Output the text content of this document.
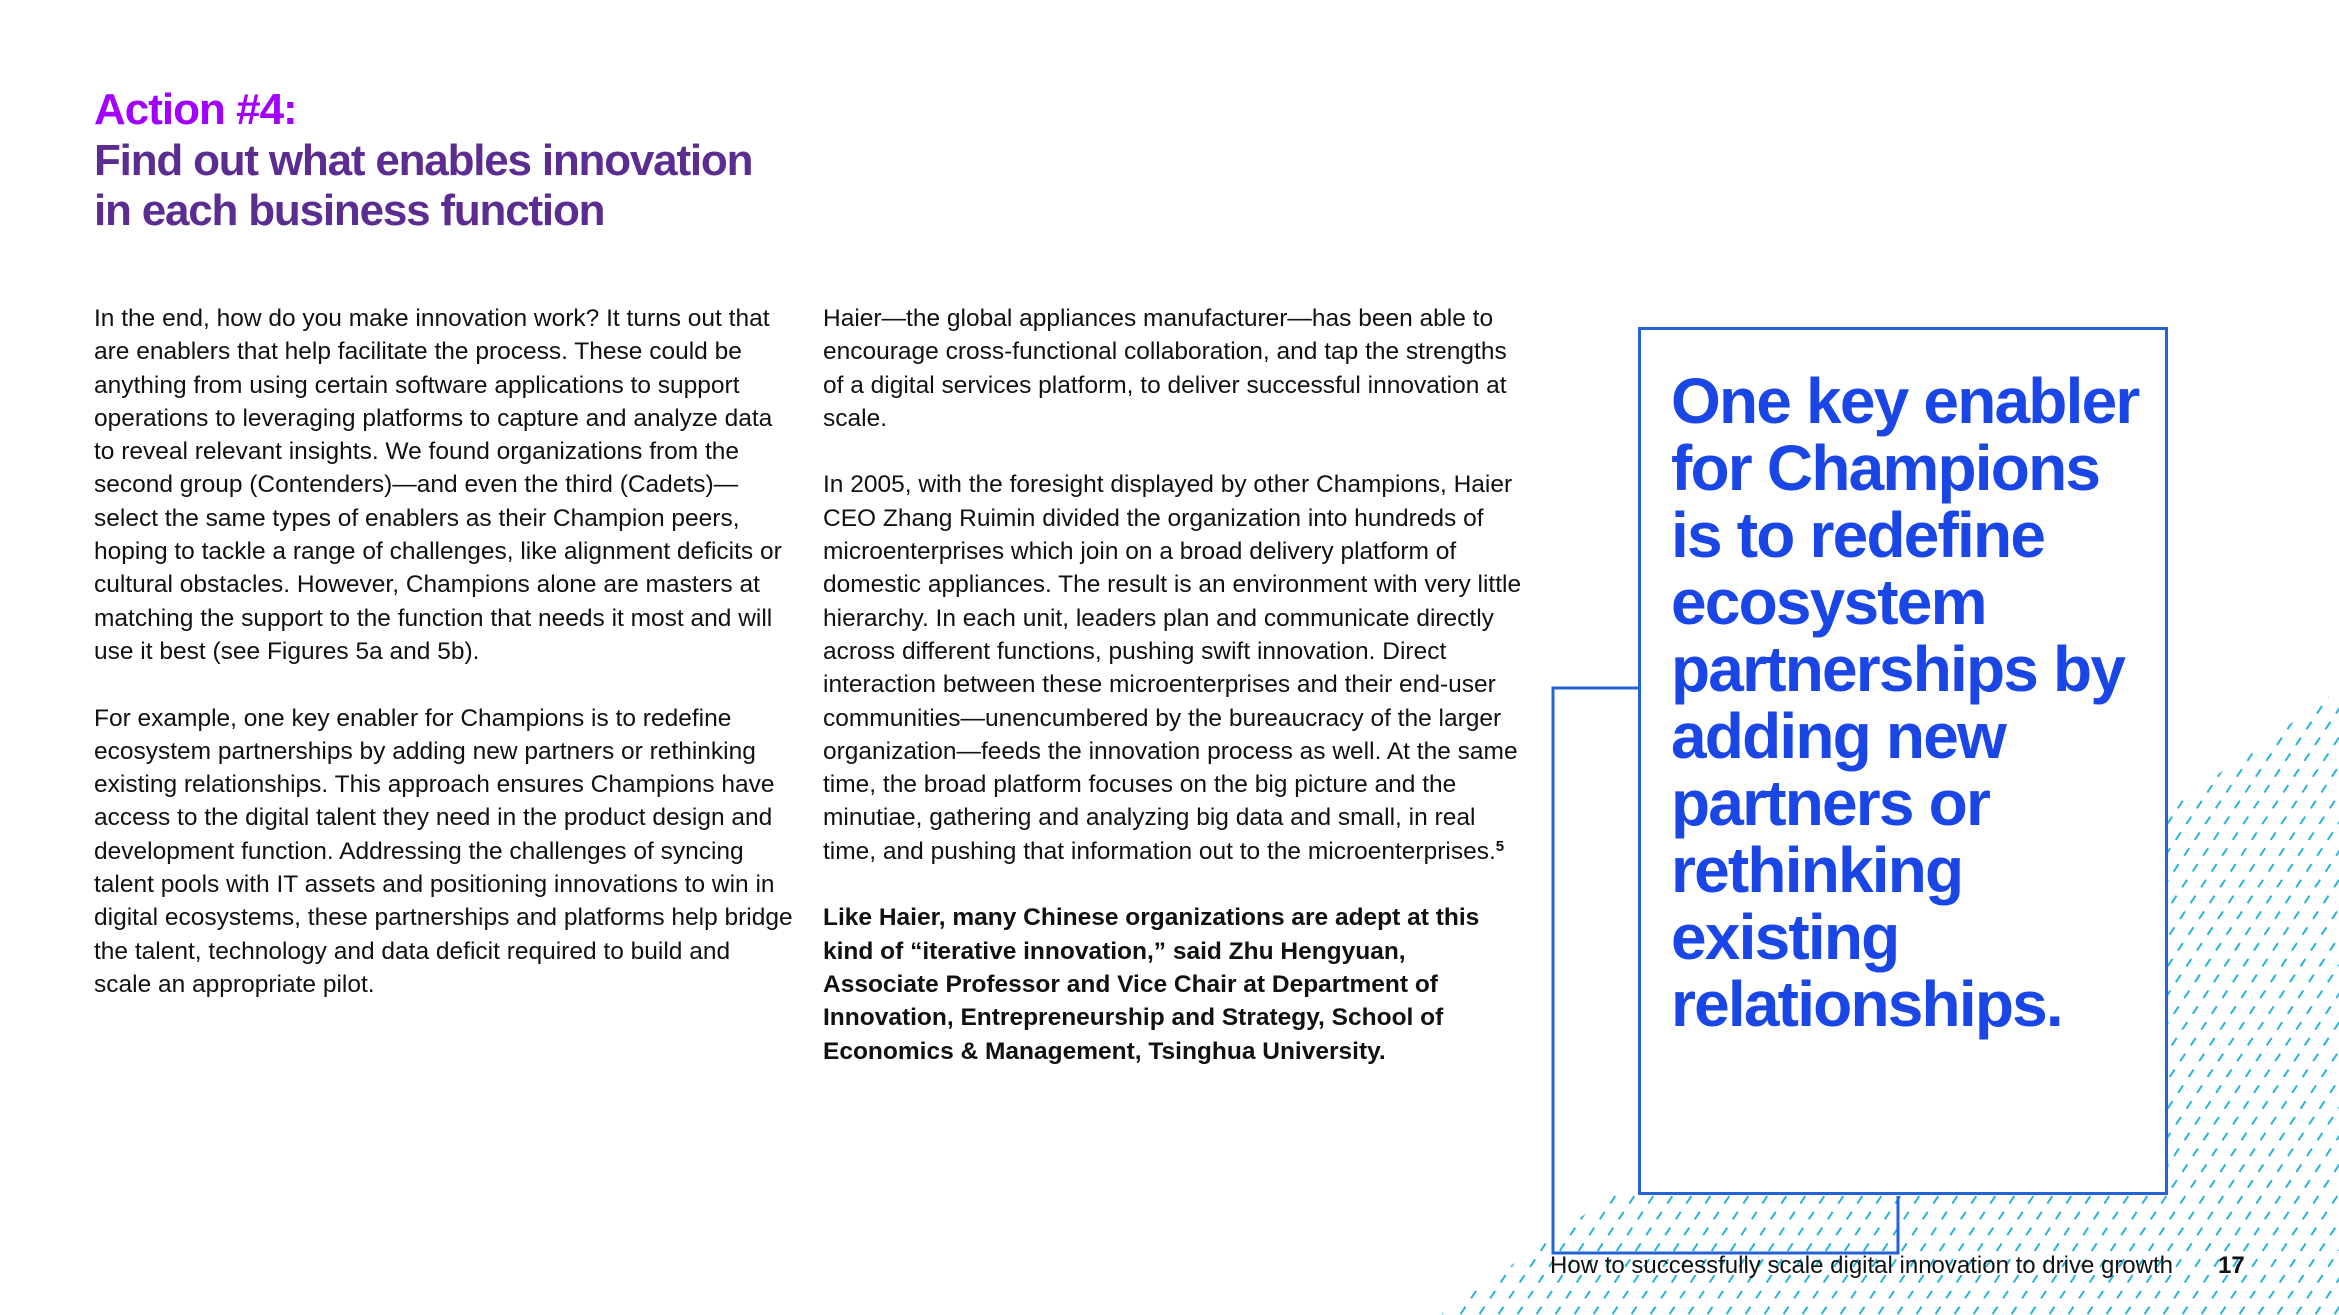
Action #4:
Find out what enables innovation
in each business function

In the end, how do you make innovation work? It turns out that are enablers that help facilitate the process. These could be anything from using certain software applications to support operations to leveraging platforms to capture and analyze data to reveal relevant insights. We found organizations from the second group (Contenders)—and even the third (Cadets)—select the same types of enablers as their Champion peers, hoping to tackle a range of challenges, like alignment deficits or cultural obstacles. However, Champions alone are masters at matching the support to the function that needs it most and will use it best (see Figures 5a and 5b).

For example, one key enabler for Champions is to redefine ecosystem partnerships by adding new partners or rethinking existing relationships. This approach ensures Champions have access to the digital talent they need in the product design and development function. Addressing the challenges of syncing talent pools with IT assets and positioning innovations to win in digital ecosystems, these partnerships and platforms help bridge the talent, technology and data deficit required to build and scale an appropriate pilot.

Haier—the global appliances manufacturer—has been able to encourage cross-functional collaboration, and tap the strengths of a digital services platform, to deliver successful innovation at scale.

In 2005, with the foresight displayed by other Champions, Haier CEO Zhang Ruimin divided the organization into hundreds of microenterprises which join on a broad delivery platform of domestic appliances. The result is an environment with very little hierarchy. In each unit, leaders plan and communicate directly across different functions, pushing swift innovation. Direct interaction between these microenterprises and their end-user communities—unencumbered by the bureaucracy of the larger organization—feeds the innovation process as well. At the same time, the broad platform focuses on the big picture and the minutiae, gathering and analyzing big data and small, in real time, and pushing that information out to the microenterprises.$^5$

Like Haier, many Chinese organizations are adept at this kind of “iterative innovation,” said Zhu Hengyuan, Associate Professor and Vice Chair at Department of Innovation, Entrepreneurship and Strategy, School of Economics & Management, Tsinghua University.

One key enabler for Champions is to redefine ecosystem partnerships by adding new partners or rethinking existing relationships.

How to successfully scale digital innovation to drive growth 17
